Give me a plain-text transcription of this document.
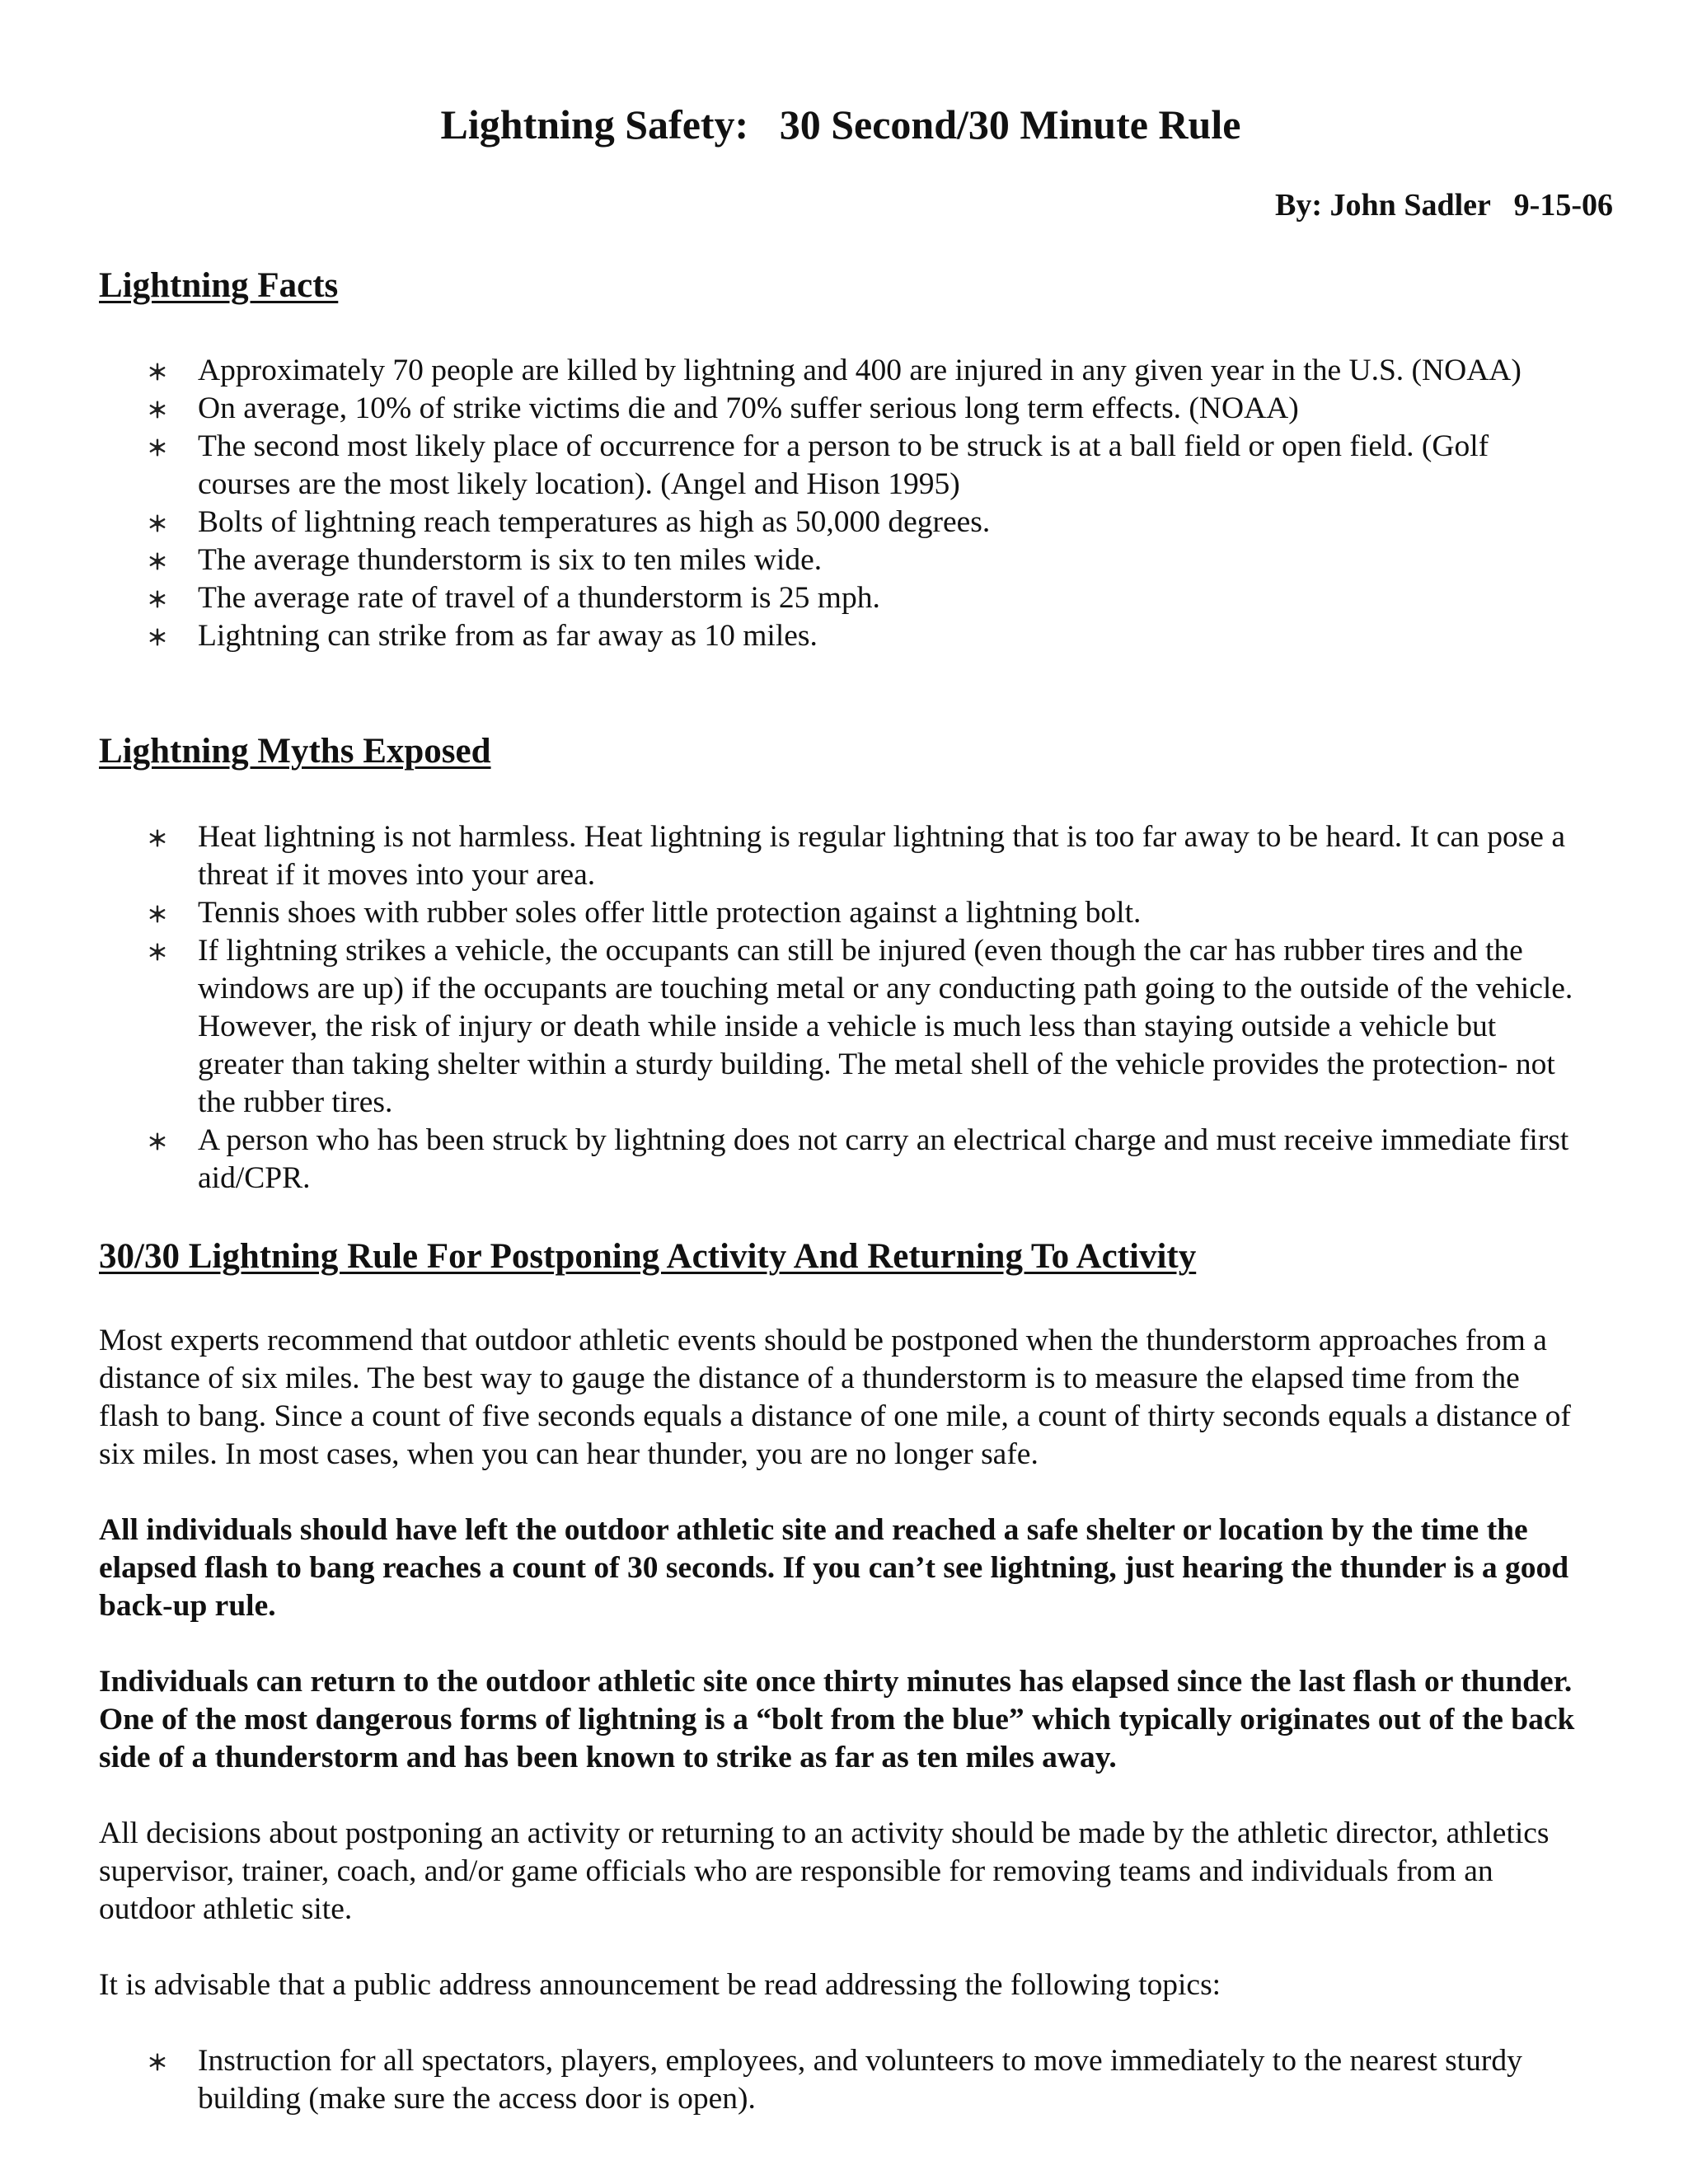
Lightning Safety:   30 Second/30 Minute Rule

By: John Sadler   9-15-06

Lightning Facts
Approximately 70 people are killed by lightning and 400 are injured in any given year in the U.S. (NOAA)
On average, 10% of strike victims die and 70% suffer serious long term effects. (NOAA)
The second most likely place of occurrence for a person to be struck is at a ball field or open field. (Golf courses are the most likely location). (Angel and Hison 1995)
Bolts of lightning reach temperatures as high as 50,000 degrees.
The average thunderstorm is six to ten miles wide.
The average rate of travel of a thunderstorm is 25 mph.
Lightning can strike from as far away as 10 miles.
Lightning Myths Exposed
Heat lightning is not harmless. Heat lightning is regular lightning that is too far away to be heard. It can pose a threat if it moves into your area.
Tennis shoes with rubber soles offer little protection against a lightning bolt.
If lightning strikes a vehicle, the occupants can still be injured (even though the car has rubber tires and the windows are up) if the occupants are touching metal or any conducting path going to the outside of the vehicle. However, the risk of injury or death while inside a vehicle is much less than staying outside a vehicle but greater than taking shelter within a sturdy building. The metal shell of the vehicle provides the protection- not the rubber tires.
A person who has been struck by lightning does not carry an electrical charge and must receive immediate first aid/CPR.
30/30 Lightning Rule For Postponing Activity And Returning To Activity

Most experts recommend that outdoor athletic events should be postponed when the thunderstorm approaches from a distance of six miles. The best way to gauge the distance of a thunderstorm is to measure the elapsed time from the flash to bang. Since a count of five seconds equals a distance of one mile, a count of thirty seconds equals a distance of six miles. In most cases, when you can hear thunder, you are no longer safe.

All individuals should have left the outdoor athletic site and reached a safe shelter or location by the time the elapsed flash to bang reaches a count of 30 seconds. If you can’t see lightning, just hearing the thunder is a good back-up rule.

Individuals can return to the outdoor athletic site once thirty minutes has elapsed since the last flash or thunder. One of the most dangerous forms of lightning is a “bolt from the blue” which typically originates out of the back side of a thunderstorm and has been known to strike as far as ten miles away.

All decisions about postponing an activity or returning to an activity should be made by the athletic director, athletics supervisor, trainer, coach, and/or game officials who are responsible for removing teams and individuals from an outdoor athletic site.

It is advisable that a public address announcement be read addressing the following topics:

Instruction for all spectators, players, employees, and volunteers to move immediately to the nearest sturdy building (make sure the access door is open).
